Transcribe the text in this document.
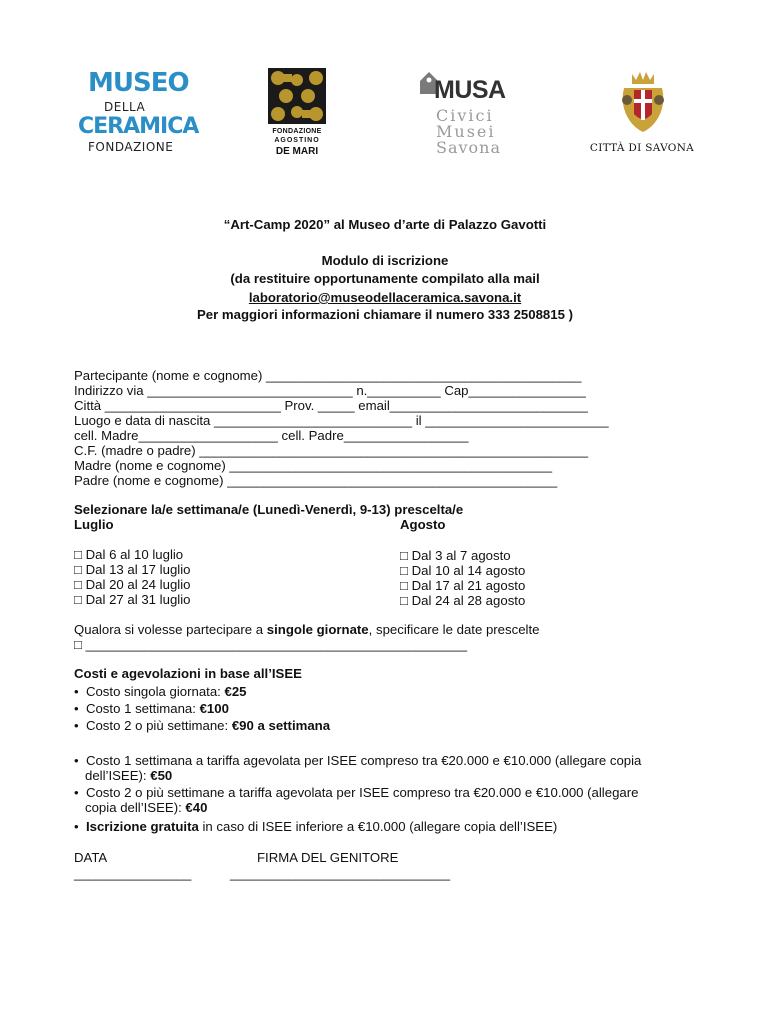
MUSEO
DELLA
CERAMICA
FONDAZIONE
FONDAZIONE
AGOSTINO
DE MARI
MUSA
Civici
Musei
Savona	CITTÀ DI SAVONA
“Art-Camp 2020” al Museo d’arte di Palazzo Gavotti
Modulo di iscrizione
(da restituire opportunamente compilato alla mail
laboratorio@museodellaceramica.savona.it
Per maggiori informazioni chiamare il numero 333 2508815 )
Partecipante (nome e cognome) ___________________________________________
Indirizzo via ____________________________ n.__________ Cap________________
Città ________________________ Prov. _____ email___________________________
Luogo e data di nascita ___________________________ il _________________________
cell. Madre___________________ cell. Padre_________________
C.F. (madre o padre) _____________________________________________________
Madre (nome e cognome) ____________________________________________
Padre (nome e cognome) _____________________________________________
Selezionare la/e settimana/e (Lunedì-Venerdì, 9-13) prescelta/e
Luglio	Agosto
□ Dal 6 al 10 luglio
□ Dal 13 al 17 luglio
□ Dal 20 al 24 luglio
□ Dal 27 al 31 luglio
□ Dal 3 al 7 agosto
□ Dal 10 al 14 agosto
□ Dal 17 al 21 agosto
□ Dal 24 al 28 agosto
Qualora si volesse partecipare a singole giornate, specificare le date prescelte
□ ____________________________________________________
Costi e agevolazioni in base all’ISEE
• Costo singola giornata: €25
• Costo 1 settimana: €100
• Costo 2 o più settimane: €90 a settimana
• Costo 1 settimana a tariffa agevolata per ISEE compreso tra €20.000 e €10.000 (allegare copia
dell’ISEE): €50
• Costo 2 o più settimane a tariffa agevolata per ISEE compreso tra €20.000 e €10.000 (allegare
copia dell’ISEE): €40
• Iscrizione gratuita in caso di ISEE inferiore a €10.000 (allegare copia dell’ISEE)
DATA	FIRMA DEL GENITORE
________________	______________________________
